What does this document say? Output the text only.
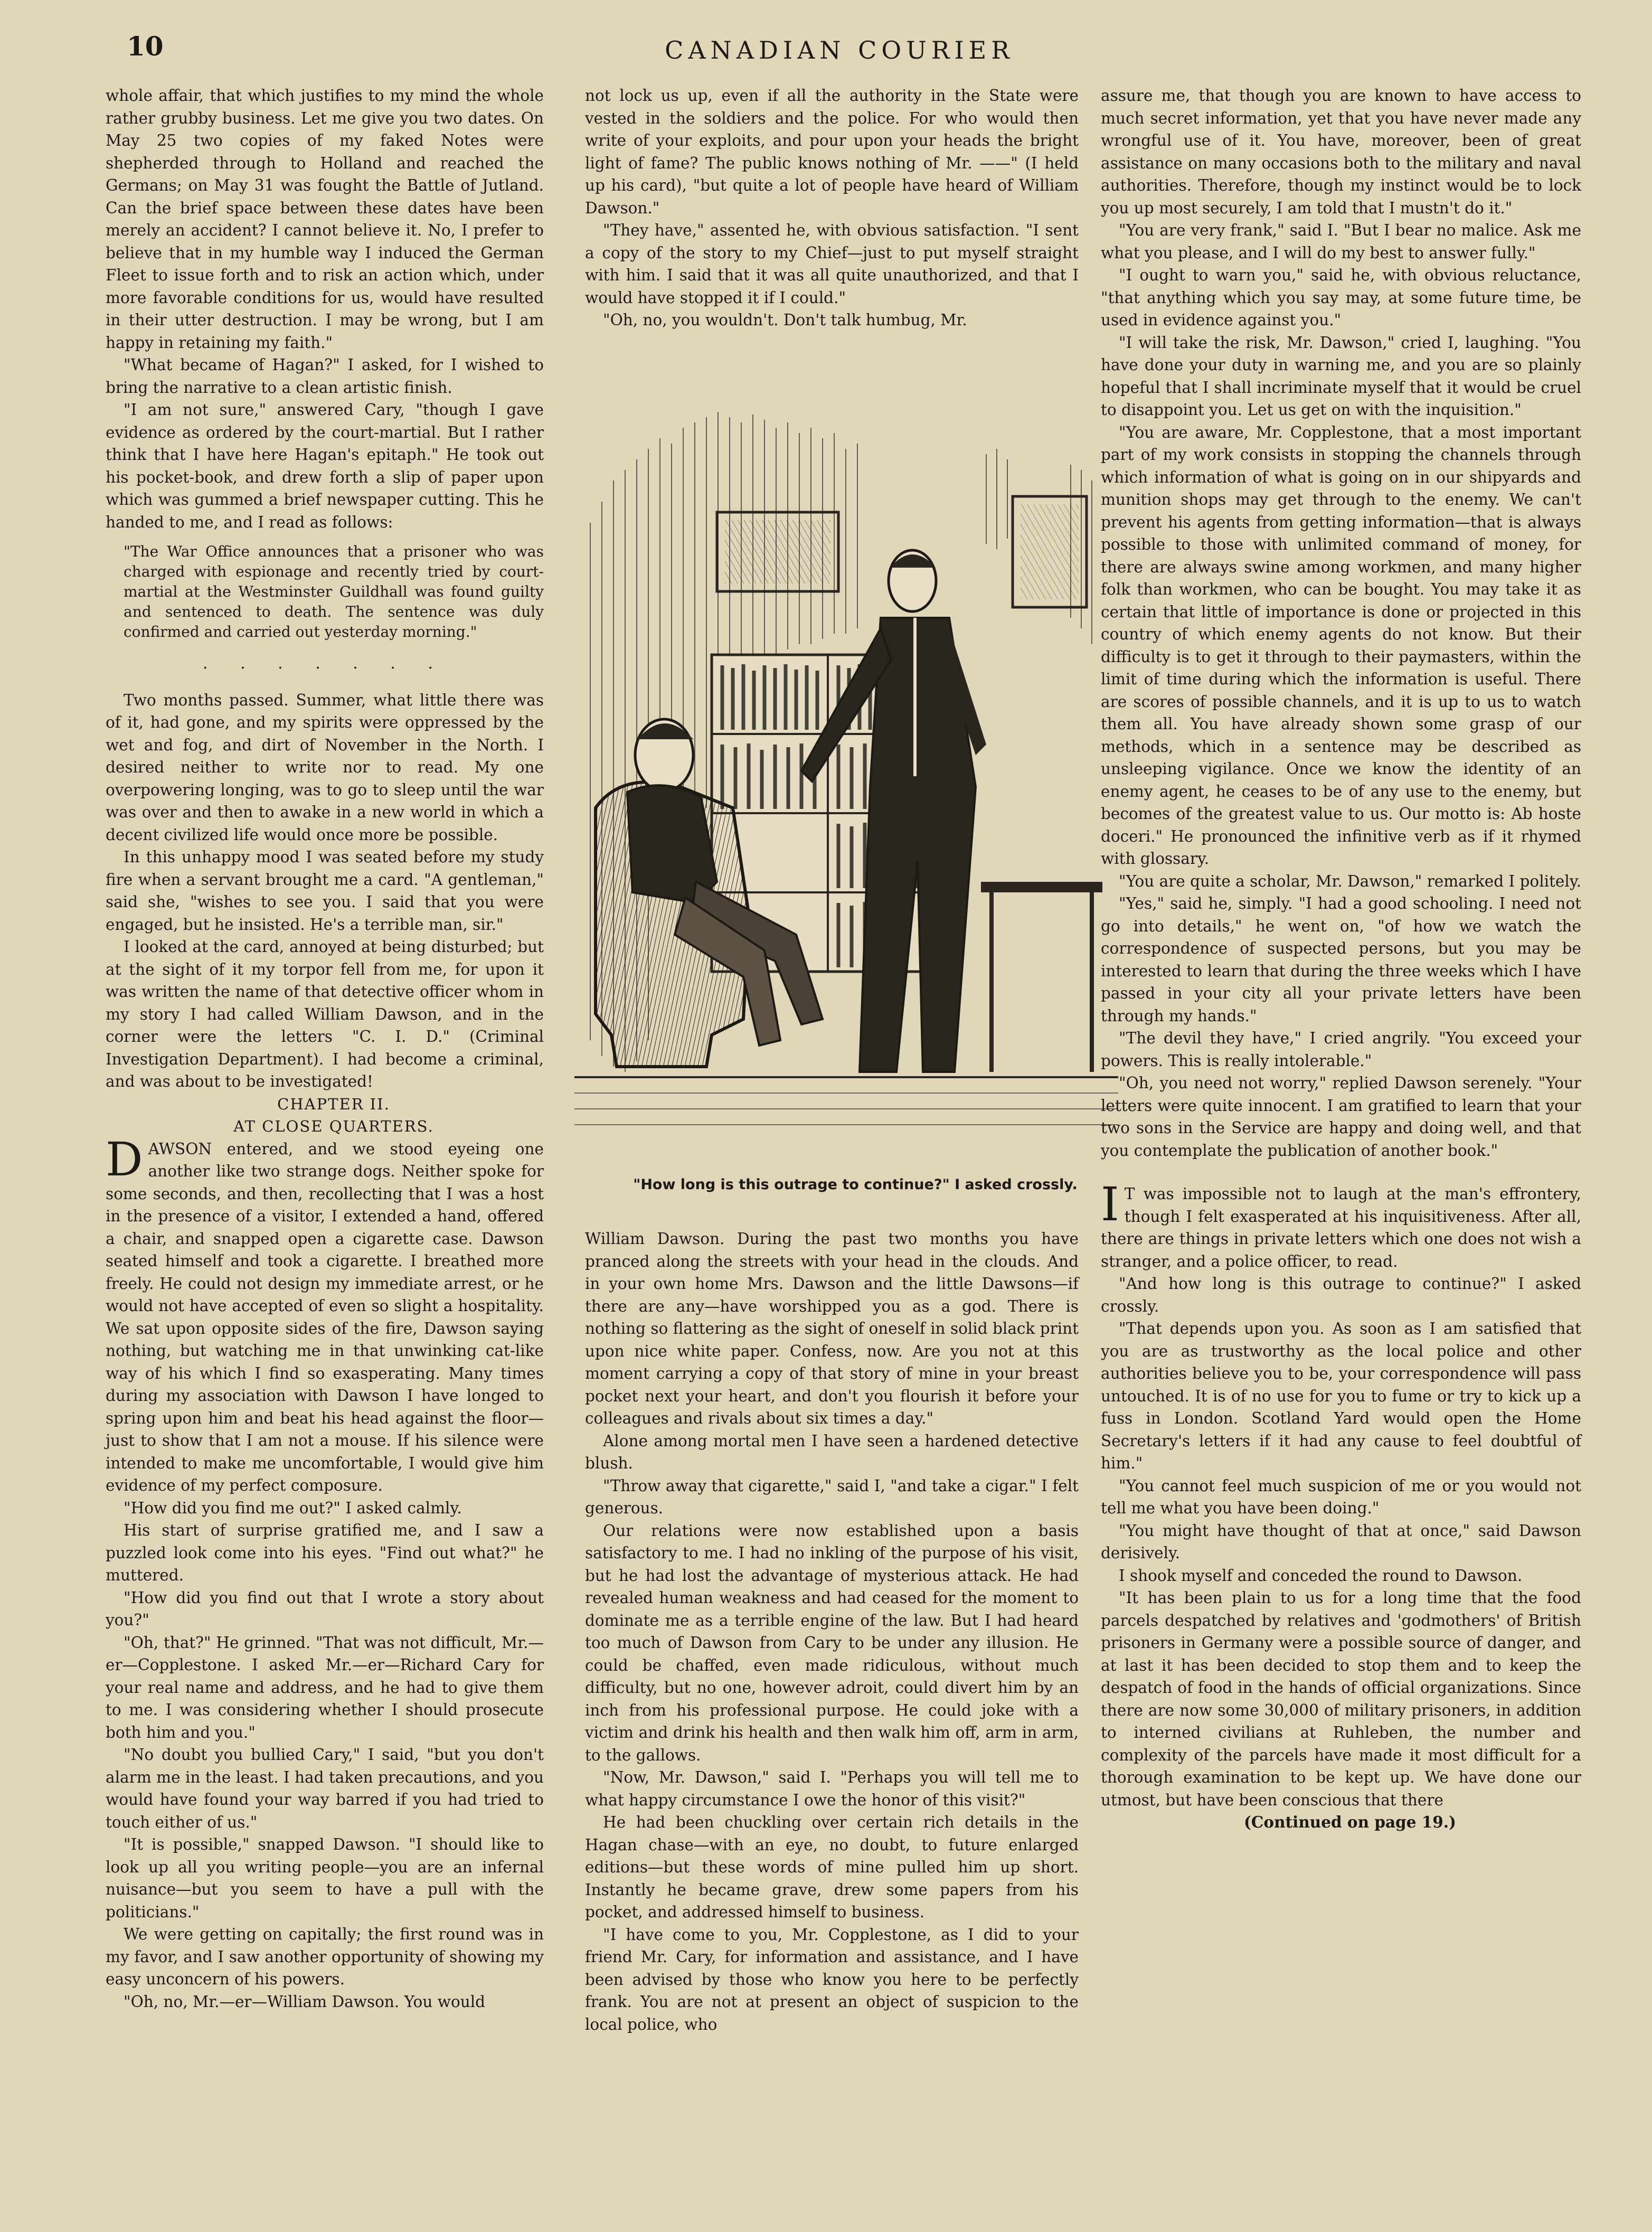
10	CANADIAN COURIER

whole affair, that which justifies to my mind the whole rather grubby business. Let me give you two dates. On May 25 two copies of my faked Notes were shepherded through to Holland and reached the Germans; on May 31 was fought the Battle of Jutland. Can the brief space between these dates have been merely an accident? I cannot believe it. No, I prefer to believe that in my humble way I induced the German Fleet to issue forth and to risk an action which, under more favorable conditions for us, would have resulted in their utter destruction. I may be wrong, but I am happy in retaining my faith."

"What became of Hagan?" I asked, for I wished to bring the narrative to a clean artistic finish.

"I am not sure," answered Cary, "though I gave evidence as ordered by the court-martial. But I rather think that I have here Hagan's epitaph." He took out his pocket-book, and drew forth a slip of paper upon which was gummed a brief newspaper cutting. This he handed to me, and I read as follows:

"The War Office announces that a prisoner who was charged with espionage and recently tried by court-martial at the Westminster Guildhall was found guilty and sentenced to death. The sentence was duly confirmed and carried out yesterday morning."
. . . . . . .

Two months passed. Summer, what little there was of it, had gone, and my spirits were oppressed by the wet and fog, and dirt of November in the North. I desired neither to write nor to read. My one overpowering longing, was to go to sleep until the war was over and then to awake in a new world in which a decent civilized life would once more be possible.

In this unhappy mood I was seated before my study fire when a servant brought me a card. "A gentleman," said she, "wishes to see you. I said that you were engaged, but he insisted. He's a terrible man, sir."

I looked at the card, annoyed at being disturbed; but at the sight of it my torpor fell from me, for upon it was written the name of that detective officer whom in my story I had called William Dawson, and in the corner were the letters "C. I. D." (Criminal Investigation Department). I had become a criminal, and was about to be investigated!

CHAPTER II.

AT CLOSE QUARTERS.

DAWSON entered, and we stood eyeing one another like two strange dogs. Neither spoke for some seconds, and then, recollecting that I was a host in the presence of a visitor, I extended a hand, offered a chair, and snapped open a cigarette case. Dawson seated himself and took a cigarette. I breathed more freely. He could not design my immediate arrest, or he would not have accepted of even so slight a hospitality. We sat upon opposite sides of the fire, Dawson saying nothing, but watching me in that unwinking cat-like way of his which I find so exasperating. Many times during my association with Dawson I have longed to spring upon him and beat his head against the floor—just to show that I am not a mouse. If his silence were intended to make me uncomfortable, I would give him evidence of my perfect composure.

"How did you find me out?" I asked calmly.

His start of surprise gratified me, and I saw a puzzled look come into his eyes. "Find out what?" he muttered.

"How did you find out that I wrote a story about you?"

"Oh, that?" He grinned. "That was not difficult, Mr.—er—Copplestone. I asked Mr.—er—Richard Cary for your real name and address, and he had to give them to me. I was considering whether I should prosecute both him and you."

"No doubt you bullied Cary," I said, "but you don't alarm me in the least. I had taken precautions, and you would have found your way barred if you had tried to touch either of us."

"It is possible," snapped Dawson. "I should like to look up all you writing people—you are an infernal nuisance—but you seem to have a pull with the politicians."

We were getting on capitally; the first round was in my favor, and I saw another opportunity of showing my easy unconcern of his powers.

"Oh, no, Mr.—er—William Dawson. You would

not lock us up, even if all the authority in the State were vested in the soldiers and the police. For who would then write of your exploits, and pour upon your heads the bright light of fame? The public knows nothing of Mr. ——" (I held up his card), "but quite a lot of people have heard of William Dawson."

"They have," assented he, with obvious satisfaction. "I sent a copy of the story to my Chief—just to put myself straight with him. I said that it was all quite unauthorized, and that I would have stopped it if I could."

"Oh, no, you wouldn't. Don't talk humbug, Mr.

"How long is this outrage to continue?" I asked crossly.

William Dawson. During the past two months you have pranced along the streets with your head in the clouds. And in your own home Mrs. Dawson and the little Dawsons—if there are any—have worshipped you as a god. There is nothing so flattering as the sight of oneself in solid black print upon nice white paper. Confess, now. Are you not at this moment carrying a copy of that story of mine in your breast pocket next your heart, and don't you flourish it before your colleagues and rivals about six times a day."

Alone among mortal men I have seen a hardened detective blush.

"Throw away that cigarette," said I, "and take a cigar." I felt generous.

Our relations were now established upon a basis satisfactory to me. I had no inkling of the purpose of his visit, but he had lost the advantage of mysterious attack. He had revealed human weakness and had ceased for the moment to dominate me as a terrible engine of the law. But I had heard too much of Dawson from Cary to be under any illusion. He could be chaffed, even made ridiculous, without much difficulty, but no one, however adroit, could divert him by an inch from his professional purpose. He could joke with a victim and drink his health and then walk him off, arm in arm, to the gallows.

"Now, Mr. Dawson," said I. "Perhaps you will tell me to what happy circumstance I owe the honor of this visit?"

He had been chuckling over certain rich details in the Hagan chase—with an eye, no doubt, to future enlarged editions—but these words of mine pulled him up short. Instantly he became grave, drew some papers from his pocket, and addressed himself to business.

"I have come to you, Mr. Copplestone, as I did to your friend Mr. Cary, for information and assistance, and I have been advised by those who know you here to be perfectly frank. You are not at present an object of suspicion to the local police, who

assure me, that though you are known to have access to much secret information, yet that you have never made any wrongful use of it. You have, moreover, been of great assistance on many occasions both to the military and naval authorities. Therefore, though my instinct would be to lock you up most securely, I am told that I mustn't do it."

"You are very frank," said I. "But I bear no malice. Ask me what you please, and I will do my best to answer fully."

"I ought to warn you," said he, with obvious reluctance, "that anything which you say may, at some future time, be used in evidence against you."

"I will take the risk, Mr. Dawson," cried I, laughing. "You have done your duty in warning me, and you are so plainly hopeful that I shall incriminate myself that it would be cruel to disappoint you. Let us get on with the inquisition."

"You are aware, Mr. Copplestone, that a most important part of my work consists in stopping the channels through which information of what is going on in our shipyards and munition shops may get through to the enemy. We can't prevent his agents from getting information—that is always possible to those with unlimited command of money, for there are always swine among workmen, and many higher folk than workmen, who can be bought. You may take it as certain that little of importance is done or projected in this country of which enemy agents do not know. But their difficulty is to get it through to their paymasters, within the limit of time during which the information is useful. There are scores of possible channels, and it is up to us to watch them all. You have already shown some grasp of our methods, which in a sentence may be described as unsleeping vigilance. Once we know the identity of an enemy agent, he ceases to be of any use to the enemy, but becomes of the greatest value to us. Our motto is: Ab hoste doceri." He pronounced the infinitive verb as if it rhymed with glossary.

"You are quite a scholar, Mr. Dawson," remarked I politely.

"Yes," said he, simply. "I had a good schooling. I need not go into details," he went on, "of how we watch the correspondence of suspected persons, but you may be interested to learn that during the three weeks which I have passed in your city all your private letters have been through my hands."

"The devil they have," I cried angrily. "You exceed your powers. This is really intolerable."

"Oh, you need not worry," replied Dawson serenely. "Your letters were quite innocent. I am gratified to learn that your two sons in the Service are happy and doing well, and that you contemplate the publication of another book."

I T was impossible not to laugh at the man's effrontery, though I felt exasperated at his inquisitiveness. After all, there are things in private letters which one does not wish a stranger, and a police officer, to read.

"And how long is this outrage to continue?" I asked crossly.

"That depends upon you. As soon as I am satisfied that you are as trustworthy as the local police and other authorities believe you to be, your correspondence will pass untouched. It is of no use for you to fume or try to kick up a fuss in London. Scotland Yard would open the Home Secretary's letters if it had any cause to feel doubtful of him."

"You cannot feel much suspicion of me or you would not tell me what you have been doing."

"You might have thought of that at once," said Dawson derisively.

I shook myself and conceded the round to Dawson.

"It has been plain to us for a long time that the food parcels despatched by relatives and 'godmothers' of British prisoners in Germany were a possible source of danger, and at last it has been decided to stop them and to keep the despatch of food in the hands of official organizations. Since there are now some 30,000 of military prisoners, in addition to interned civilians at Ruhleben, the number and complexity of the parcels have made it most difficult for a thorough examination to be kept up. We have done our utmost, but have been conscious that there

(Continued on page 19.)
